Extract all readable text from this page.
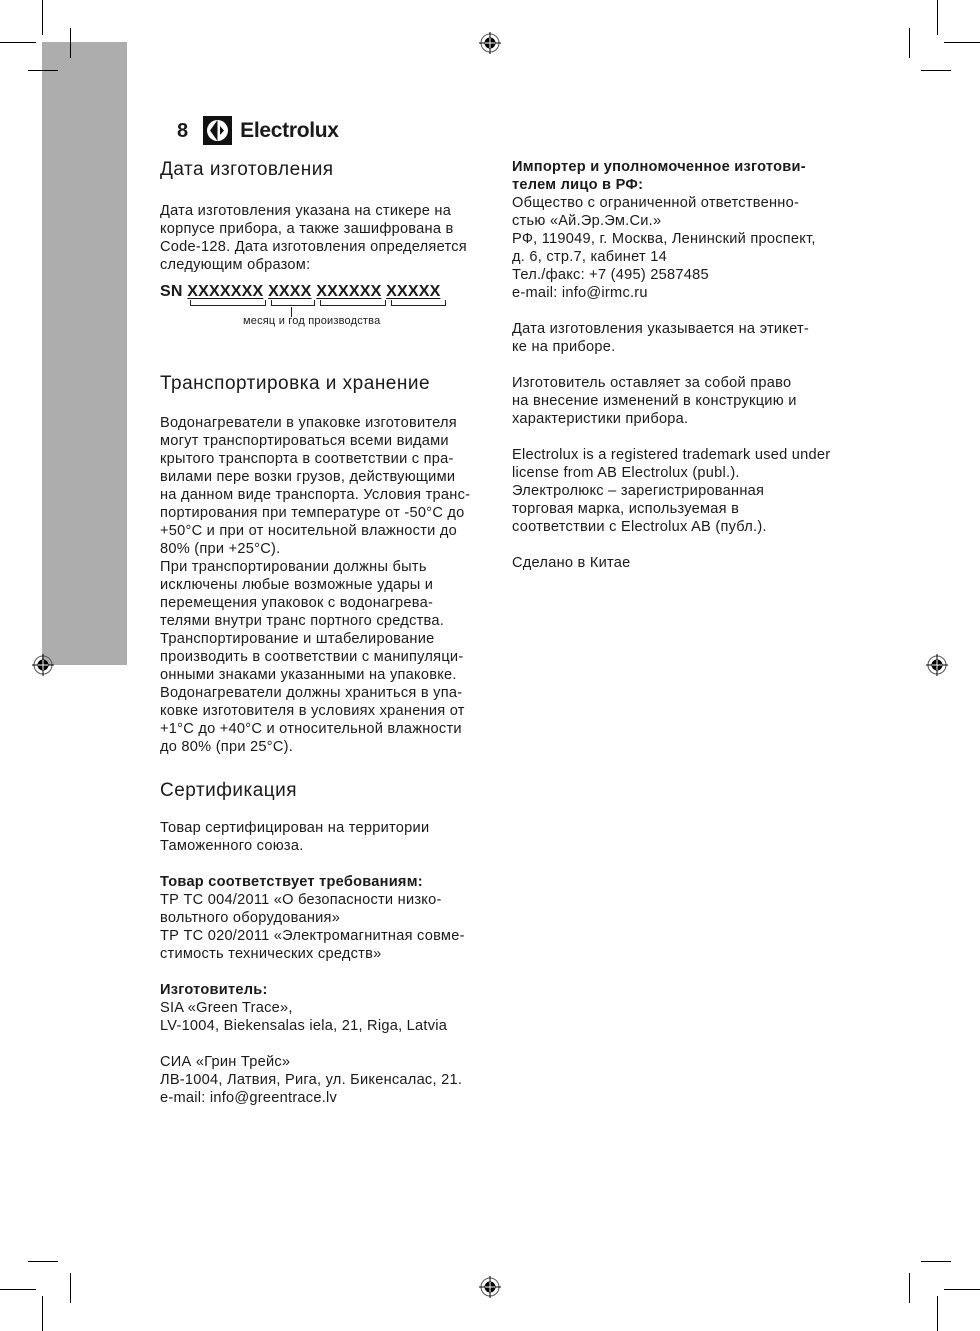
8 Electrolux
Дата изготовления

Дата изготовления указана на стикере на

корпусе прибора, а также зашифрована в

Code-128. Дата изготовления определяется

следующим образом:

SN XXXXXXX XXXX XXXXXX XXXXX
месяц и год производства
Транспортировка и хранение

Водонагреватели в упаковке изготовителя

могут транспортироваться всеми видами

крытого транспорта в соответствии с пра-

вилами пере возки грузов, действующими

на данном виде транспорта. Условия транс-

портирования при температуре от -50°C до

+50°C и при от носительной влажности до

80% (при +25°C).

При транспортировании должны быть

исключены любые возможные удары и

перемещения упаковок с водонагрева-

телями внутри транс портного средства.

Транспортирование и штабелирование

производить в соответствии с манипуляци-

онными знаками указанными на упаковке.

Водонагреватели должны храниться в упа-

ковке изготовителя в условиях хранения от

+1°C до +40°C и относительной влажности

до 80% (при 25°C).

Сертификация

Товар сертифицирован на территории

Таможенного союза.

Товар соответствует требованиям:

ТР ТС 004/2011 «О безопасности низко-

вольтного оборудования»

ТР ТС 020/2011 «Электромагнитная совме-

стимость технических средств»

Изготовитель:

SIA «Green Trace»,

LV-1004, Biekensalas iela, 21, Riga, Latvia

СИА «Грин Трейс»

ЛВ-1004, Латвия, Рига, ул. Бикенсалас, 21.

e-mail: info@greentrace.lv

Импортер и уполномоченное изготови-

телем лицо в РФ:

Общество с ограниченной ответственно-

стью «Ай.Эр.Эм.Си.»

РФ, 119049, г. Москва, Ленинский проспект,

д. 6, стр.7, кабинет 14

Тел./факс: +7 (495) 2587485

e-mail: info@irmc.ru

Дата изготовления указывается на этикет-

ке на приборе.

Изготовитель оставляет за собой право

на внесение изменений в конструкцию и

характеристики прибора.

Electrolux is a registered trademark used under

license from AB Electrolux (publ.).

Электролюкс – зарегистрированная

торговая марка, используемая в

соответствии с Electrolux AB (публ.).

Сделано в Китае
